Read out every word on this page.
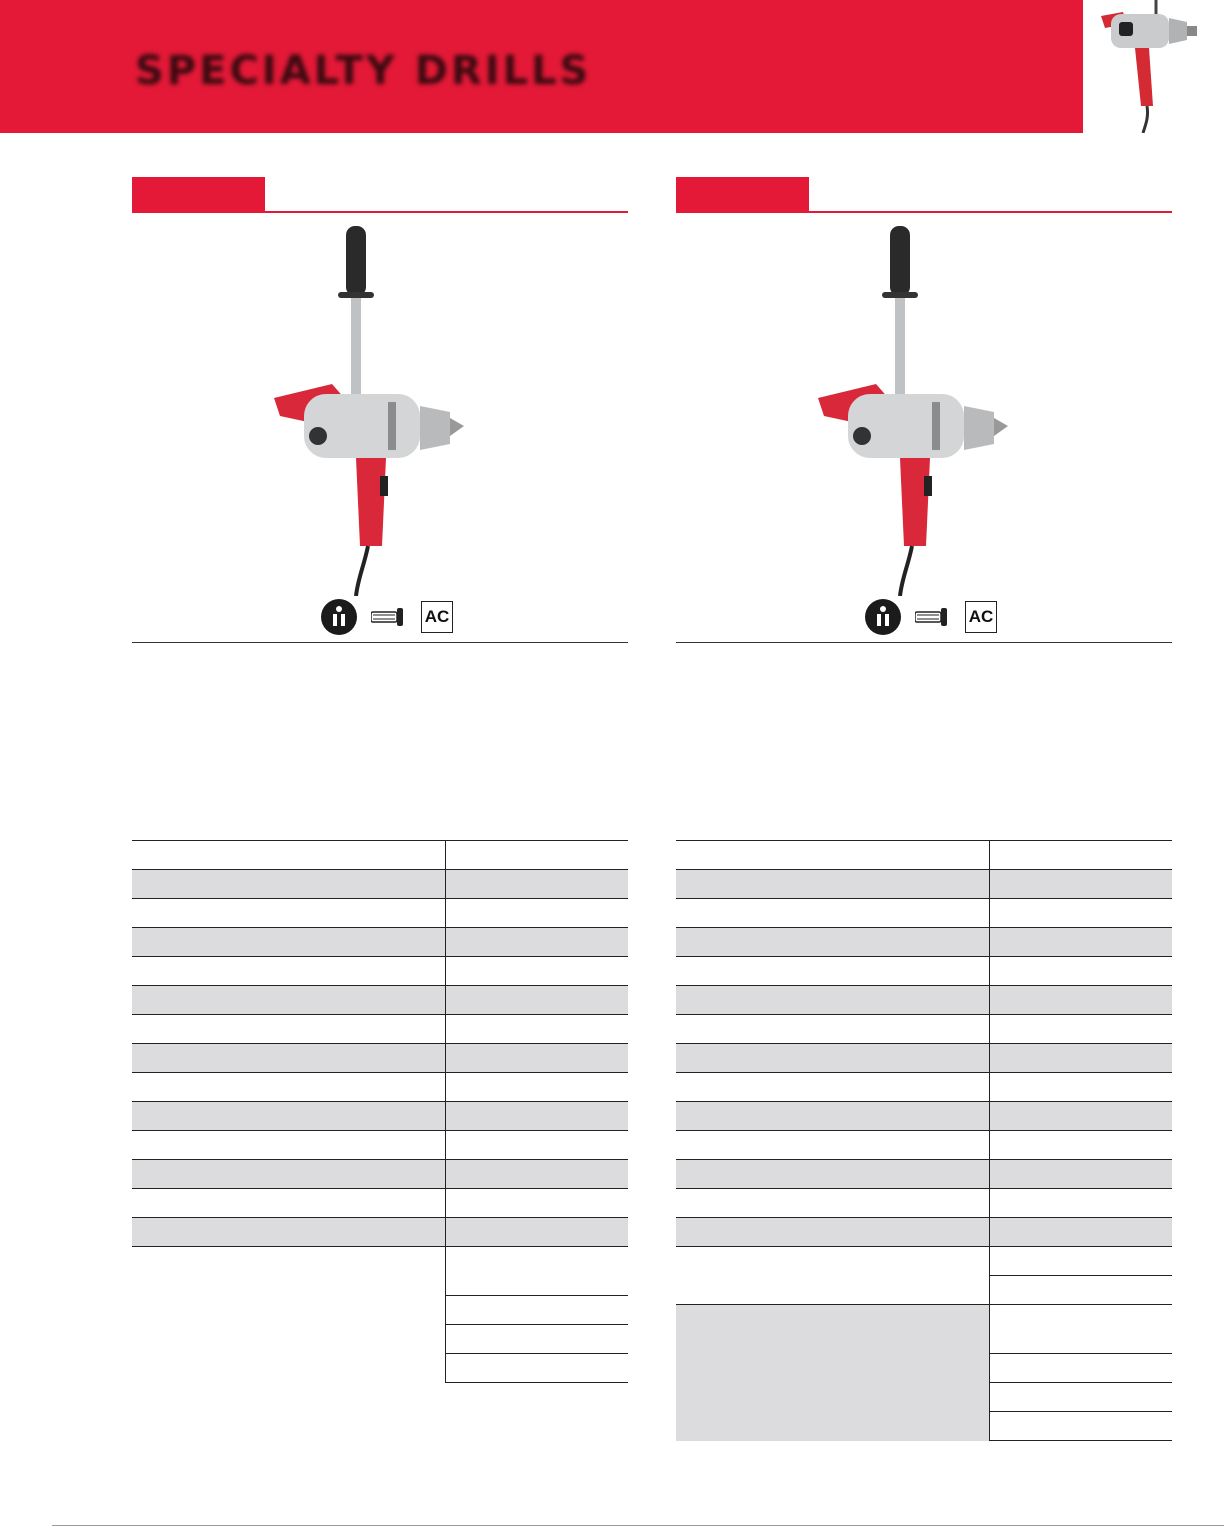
SPECIALTY DRILLS
AC

		AC
